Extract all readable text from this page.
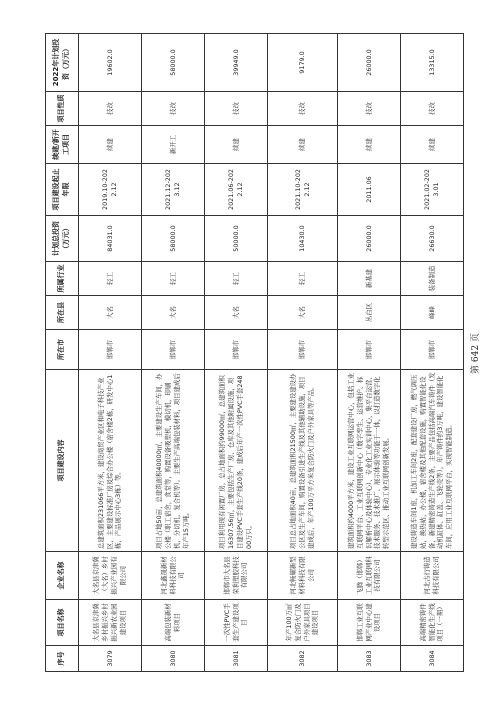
序号	项目名称	企业名称	项目建设内容	所在市	所在县	所属行业	计划总投资（万元）	项目建设起止年限	续建/新开工项目	项目性质	2022年计划投资（万元）
3079	大名县京津冀乡村振兴乡村振兴新农业园建设项目	大名县京津冀（大名）乡村振兴产业园有限公司	总建筑面积231066平方米，建设商贸产业区和电子科技产业区，主要建设标准厂房及综合办公楼（宿舍楼2栋，研发中心1栋，产品展示中心3栋）等。	邯郸市	大名	轻工	84031.0	2019.10-2022.12	续建	技改	19602.0
3080	高端包装新材料项目	河北鑫晟新材料科技有限公司	项目占地50亩，总建筑面积40000㎡，主要建设生产车间，办公楼（职工宿舍，食堂等，购置设备吸塑机，模切机，印刷机，分切机，复合机等）。主要生产高端包装材料，项目建成后年产15万吨。	邯郸市	大名	轻工	58000.0	2021.12-2023.12	新开工	技改	58000.0
3081	一次性PVC手套生产建设项目	邯郸市大名县荣利塑胶科技有限公司	项目利用现有闲置厂房，总占地面积约99000㎡，总建筑面积16307.56㎡，主要包括生产厂房、仓库及其他附属设施，项目建设PVC手套生产线20条，建成后年产一次性PVC手套24800万只。	邯郸市	大名	轻工	50000.0	2021.06-2022.12	续建	技改	39949.0
3082	年产100万㎡复合防火门及户外家具项目建设项目	河北畅耀新型材料科技有限公司	项目总占地面积40亩，总建筑面积21500㎡，主要建设建设办公区及生产车间，购置设备引进生产线及其他辅助设施，项目建成后，年产100万平方米复合防火门及户外家具等产品。	邯郸市	大名	轻工	10430.0	2021.10-2022.12	续建	技改	9179.0
3083	邯郸工业互联网产业中心建设项目	飞腾（邯郸）工业互联网科技有限公司	建筑面积约4000平方米，建设工业互联网运营中心，包括工业互联网平台、工业互联网创新中心（数字孪生、运营维护、标识解析中心及体验中心）、专业化工业实训中心，集平台运营、技术服务、技术推广、展示体验等功能于一体，以打造数字化转型示范区、推动工业互联网创新发展。	邯郸市	丛台区	新基建	26000.0	2011.06	续建	技改	26000.0
3084	高端精密铸件智能化生产线项目（一期）	河北古行铸造科技有限公司	建设铸造车间1座，机加工车间2座，配套建设厂房，燃气调压站，换热站，办公楼，宿舍楼及其他配套设施，购置智能化设备，新建精密铸造生产线2条，主要产品包括高端汽车铸件（发动机缸体、缸盖、飞轮壳等），年产铸件约3万吨，建设智能化车间，应用工业互联网平台，实现智能制造。	邯郸市	峰峰	装备制造	26630.0	2021.02-2023.01	续建	技改	13315.0
第 642 页
